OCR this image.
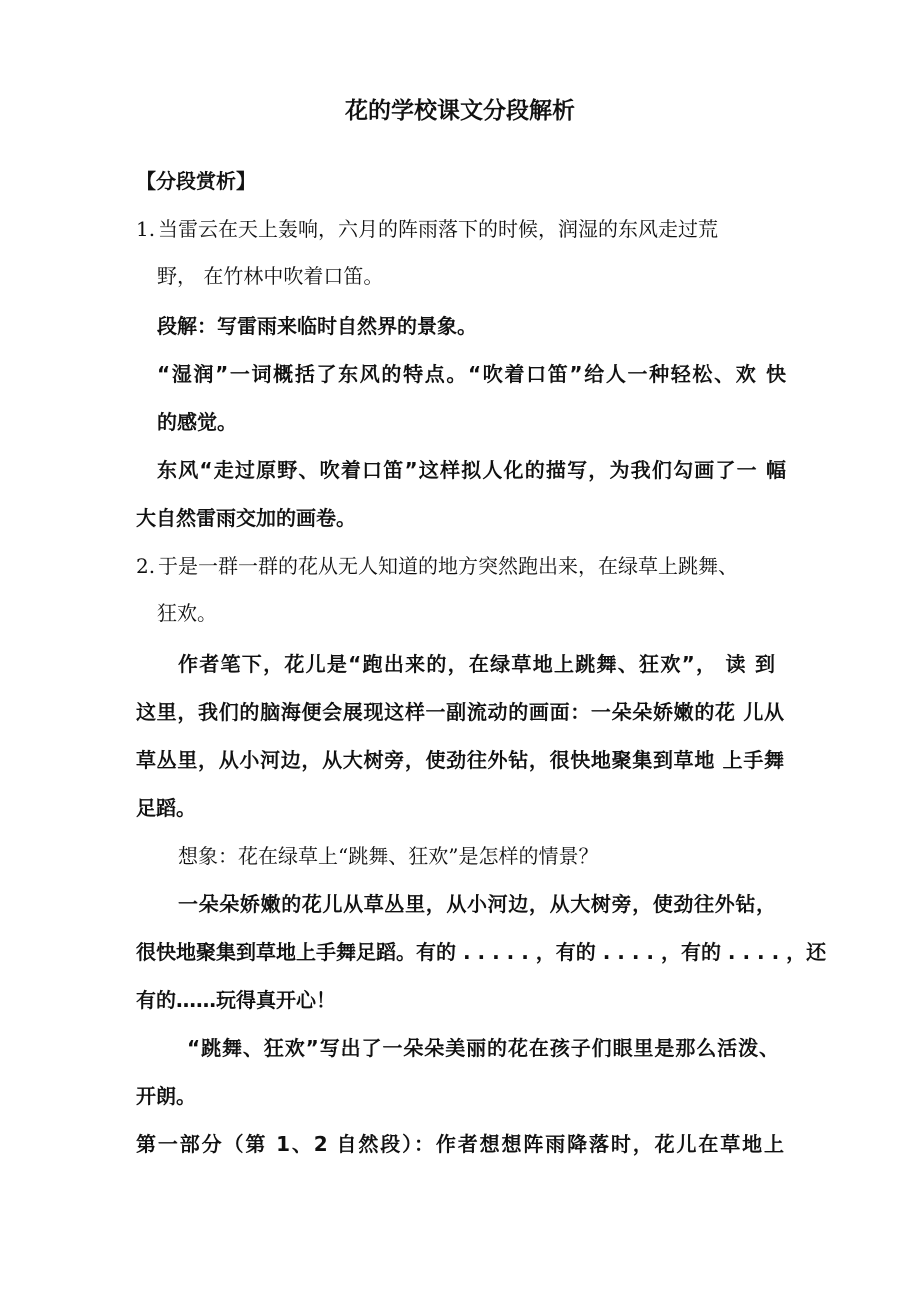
花的学校课文分段解析
【分段赏析】
1. 当雷云在天上轰响，六月的阵雨落下的时候，润湿的东风走过荒
野， 在竹林中吹着口笛。
段解：写雷雨来临时自然界的景象。
“湿润”一词概括了东风的特点。“吹着口笛”给人一种轻松、欢 快
的感觉。
东风“走过原野、吹着口笛”这样拟人化的描写，为我们勾画了一 幅
大自然雷雨交加的画卷。
2. 于是一群一群的花从无人知道的地方突然跑出来，在绿草上跳舞、
狂欢。
作者笔下，花儿是“跑出来的，在绿草地上跳舞、狂欢”， 读 到
这里，我们的脑海便会展现这样一副流动的画面：一朵朵娇嫩的花 儿从
草丛里，从小河边，从大树旁，使劲往外钻，很快地聚集到草地 上手舞
足蹈。
想象：花在绿草上“跳舞、狂欢”是怎样的情景？
一朵朵娇嫩的花儿从草丛里，从小河边，从大树旁，使劲往外钻，
很快地聚集到草地上手舞足蹈。有的 . . . . . ，有的 . . . . ，有的 . . . . ，还
有的……玩得真开心！
“跳舞、狂欢”写出了一朵朵美丽的花在孩子们眼里是那么活泼、
开朗。
第一部分（第 1、2 自然段）：作者想想阵雨降落时，花儿在草地上
